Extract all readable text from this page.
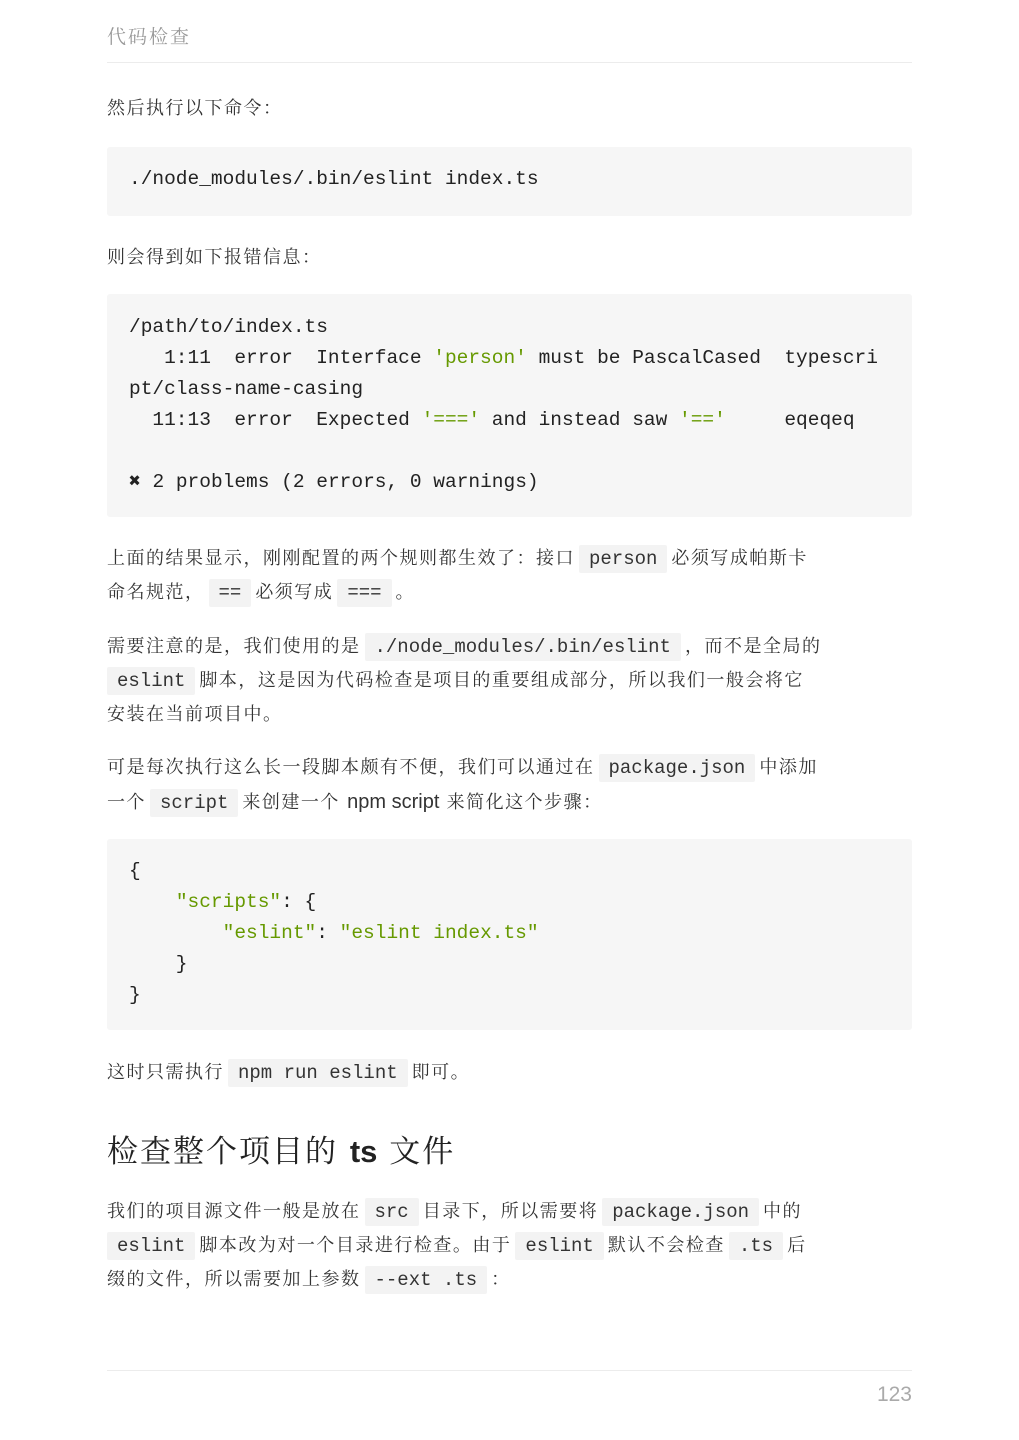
代码检查
然后执行以下命令：
./node_modules/.bin/eslint index.ts
则会得到如下报错信息：
/path/to/index.ts
1:11  error  Interface 'person' must be PascalCased  typescri
pt/class-name-casing
11:13  error  Expected '===' and instead saw '=='     eqeqeq
✖ 2 problems (2 errors, 0 warnings)
上面的结果显示，刚刚配置的两个规则都生效了：接口 person 必须写成帕斯卡
命名规范， == 必须写成 === 。
需要注意的是，我们使用的是 ./node_modules/.bin/eslint ，而不是全局的
eslint 脚本，这是因为代码检查是项目的重要组成部分，所以我们一般会将它
安装在当前项目中。
可是每次执行这么长一段脚本颇有不便，我们可以通过在 package.json 中添加
一个 script 来创建一个 npm script 来简化这个步骤：
{
"scripts": {
"eslint": "eslint index.ts"
}
}
这时只需执行 npm run eslint 即可。
检查整个项目的 ts 文件
我们的项目源文件一般是放在 src 目录下，所以需要将 package.json 中的
eslint 脚本改为对一个目录进行检查。由于 eslint 默认不会检查 .ts 后
缀的文件，所以需要加上参数 --ext .ts ：
123
